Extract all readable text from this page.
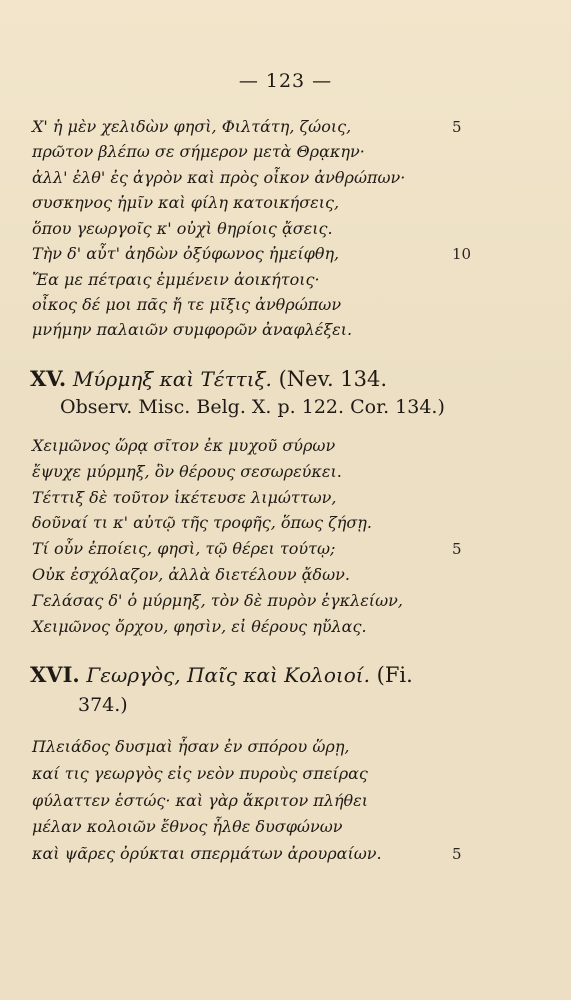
— 123 —
Χ' ἡ μὲν χελιδὼν φησὶ, Φιλτάτη, ζώοις,	5
πρῶτον βλέπω σε σήμερον μετὰ Θρᾳκην·
ἀλλ' ἐλθ' ἐς ἀγρὸν καὶ πρὸς οἶκον ἀνθρώπων·
συσκηνος ἡμῖν καὶ φίλη κατοικήσεις,
ὅπου γεωργοῖς κ' οὐχὶ θηρίοις ᾄσεις.
Τὴν δ' αὖτ' ἀηδὼν ὀξύφωνος ἠμείφθη,	10
Ἔα με πέτραις ἐμμένειν ἀοικήτοις·
οἶκος δέ μοι πᾶς ἤ τε μῖξις ἀνθρώπων
μνήμην παλαιῶν συμφορῶν ἀναφλέξει.
XV. Μύρμηξ καὶ Τέττιξ. (Nev. 134.
Observ. Misc. Belg. X. p. 122. Cor. 134.)
Χειμῶνος ὥρᾳ σῖτον ἐκ μυχοῦ σύρων
ἔψυχε μύρμηξ, ὃν θέρους σεσωρεύκει.
Τέττιξ δὲ τοῦτον ἱκέτευσε λιμώττων,
δοῦναί τι κ' αὐτῷ τῆς τροφῆς, ὅπως ζήσῃ.
Τί οὖν ἐποίεις, φησὶ, τῷ θέρει τούτῳ;	5
Οὐκ ἐσχόλαζον, ἀλλὰ διετέλουν ᾄδων.
Γελάσας δ' ὁ μύρμηξ, τὸν δὲ πυρὸν ἐγκλείων,
Χειμῶνος ὄρχου, φησὶν, εἰ θέρους ηὔλας.
XVI. Γεωργὸς, Παῖς καὶ Κολοιοί. (Fi.
374.)
Πλειάδος δυσμαὶ ἦσαν ἐν σπόρου ὥρῃ,
καί τις γεωργὸς εἰς νεὸν πυροὺς σπείρας
φύλαττεν ἑστώς· καὶ γὰρ ἄκριτον πλήθει
μέλαν κολοιῶν ἔθνος ἦλθε δυσφώνων
καὶ ψᾶρες ὀρύκται σπερμάτων ἀρουραίων.	5
